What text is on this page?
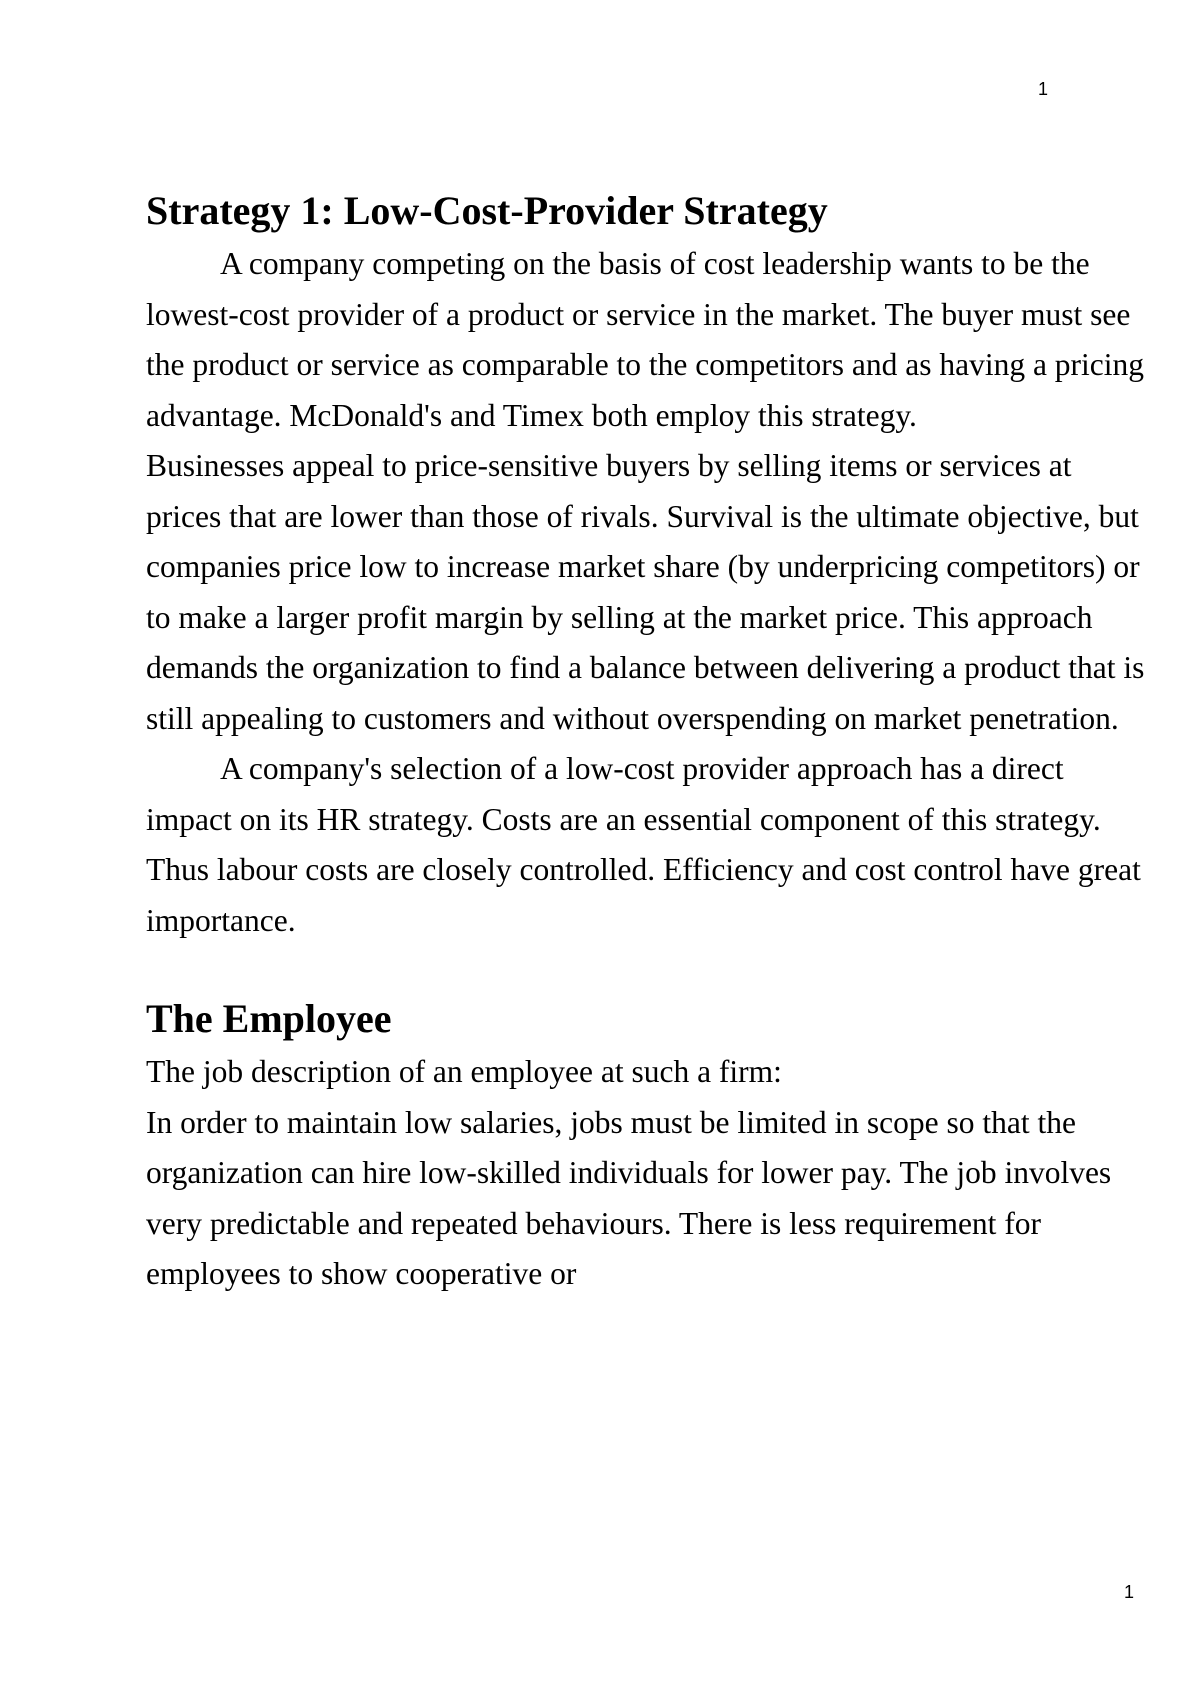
1
Strategy 1: Low-Cost-Provider Strategy

A company competing on the basis of cost leadership wants to be the lowest-cost provider of a product or service in the market. The buyer must see the product or service as comparable to the competitors and as having a pricing advantage. McDonald's and Timex both employ this strategy.

Businesses appeal to price-sensitive buyers by selling items or services at prices that are lower than those of rivals. Survival is the ultimate objective, but companies price low to increase market share (by underpricing competitors) or to make a larger profit margin by selling at the market price. This approach demands the organization to find a balance between delivering a product that is still appealing to customers and without overspending on market penetration.

A company's selection of a low-cost provider approach has a direct impact on its HR strategy. Costs are an essential component of this strategy. Thus labour costs are closely controlled. Efficiency and cost control have great importance.

The Employee

The job description of an employee at such a firm:

In order to maintain low salaries, jobs must be limited in scope so that the organization can hire low-skilled individuals for lower pay. The job involves very predictable and repeated behaviours. There is less requirement for employees to show cooperative or

1
